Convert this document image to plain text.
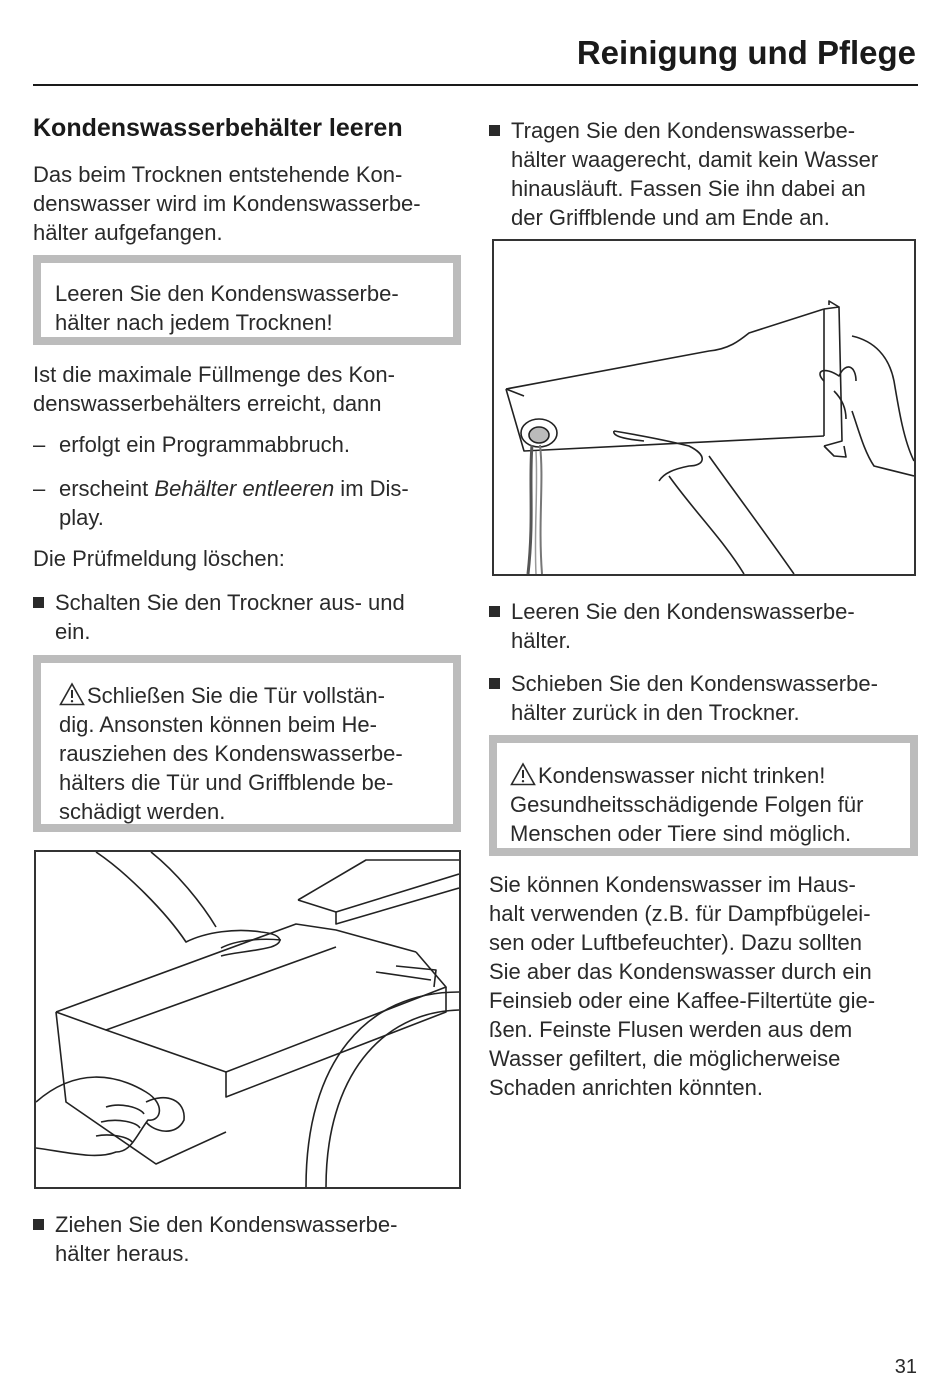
Reinigung und Pflege
Kondenswasserbehälter leeren
Das beim Trocknen entstehende Kon-
denswasser wird im Kondenswasserbe-
hälter aufgefangen.
Leeren Sie den Kondenswasserbe-
hälter nach jedem Trocknen!
Ist die maximale Füllmenge des Kon-
denswasserbehälters erreicht, dann
– erfolgt ein Programmabbruch.
– erscheint Behälter entleeren im Dis-
play.
Die Prüfmeldung löschen:
Schalten Sie den Trockner aus- und
ein.
Schließen Sie die Tür vollstän-
dig. Ansonsten können beim He-
rausziehen des Kondenswasserbe-
hälters die Tür und Griffblende be-
schädigt werden.
Ziehen Sie den Kondenswasserbe-
hälter heraus.
Tragen Sie den Kondenswasserbe-
hälter waagerecht, damit kein Wasser
hinausläuft. Fassen Sie ihn dabei an
der Griffblende und am Ende an.
Leeren Sie den Kondenswasserbe-
hälter.
Schieben Sie den Kondenswasserbe-
hälter zurück in den Trockner.
Kondenswasser nicht trinken!
Gesundheitsschädigende Folgen für
Menschen oder Tiere sind möglich.
Sie können Kondenswasser im Haus-
halt verwenden (z.B. für Dampfbügelei-
sen oder Luftbefeuchter). Dazu sollten
Sie aber das Kondenswasser durch ein
Feinsieb oder eine Kaffee-Filtertüte gie-
ßen. Feinste Flusen werden aus dem
Wasser gefiltert, die möglicherweise
Schaden anrichten könnten.
31
